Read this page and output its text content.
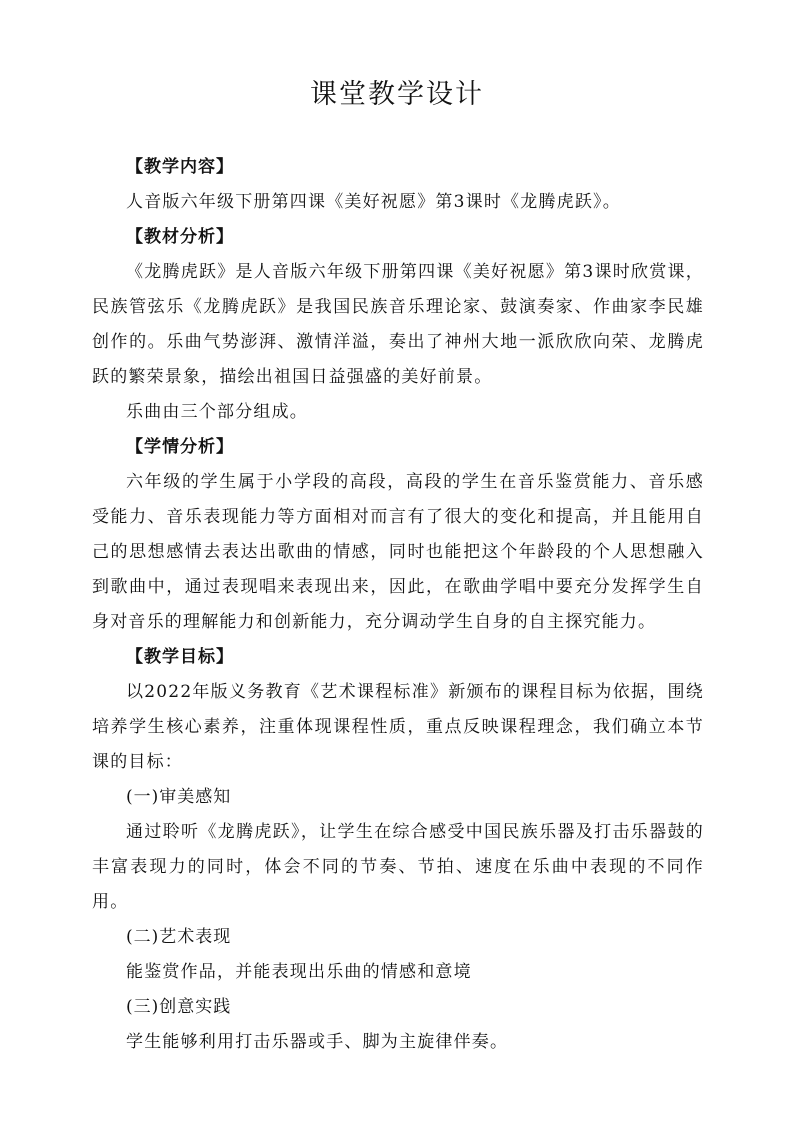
课堂教学设计
【教学内容】
人音版六年级下册第四课《美好祝愿》第3课时《龙腾虎跃》。
【教材分析】
《龙腾虎跃》是人音版六年级下册第四课《美好祝愿》第3课时欣赏课，民族管弦乐《龙腾虎跃》是我国民族音乐理论家、鼓演奏家、作曲家李民雄创作的。乐曲气势澎湃、激情洋溢，奏出了神州大地一派欣欣向荣、龙腾虎跃的繁荣景象，描绘出祖国日益强盛的美好前景。
乐曲由三个部分组成。
【学情分析】
六年级的学生属于小学段的高段，高段的学生在音乐鉴赏能力、音乐感受能力、音乐表现能力等方面相对而言有了很大的变化和提高，并且能用自己的思想感情去表达出歌曲的情感，同时也能把这个年龄段的个人思想融入到歌曲中，通过表现唱来表现出来，因此，在歌曲学唱中要充分发挥学生自身对音乐的理解能力和创新能力，充分调动学生自身的自主探究能力。
【教学目标】
以2022年版义务教育《艺术课程标准》新颁布的课程目标为依据，围绕培养学生核心素养，注重体现课程性质，重点反映课程理念，我们确立本节课的目标：
(一)审美感知
通过聆听《龙腾虎跃》，让学生在综合感受中国民族乐器及打击乐器鼓的丰富表现力的同时，体会不同的节奏、节拍、速度在乐曲中表现的不同作用。
(二)艺术表现
能鉴赏作品，并能表现出乐曲的情感和意境
(三)创意实践
学生能够利用打击乐器或手、脚为主旋律伴奏。
